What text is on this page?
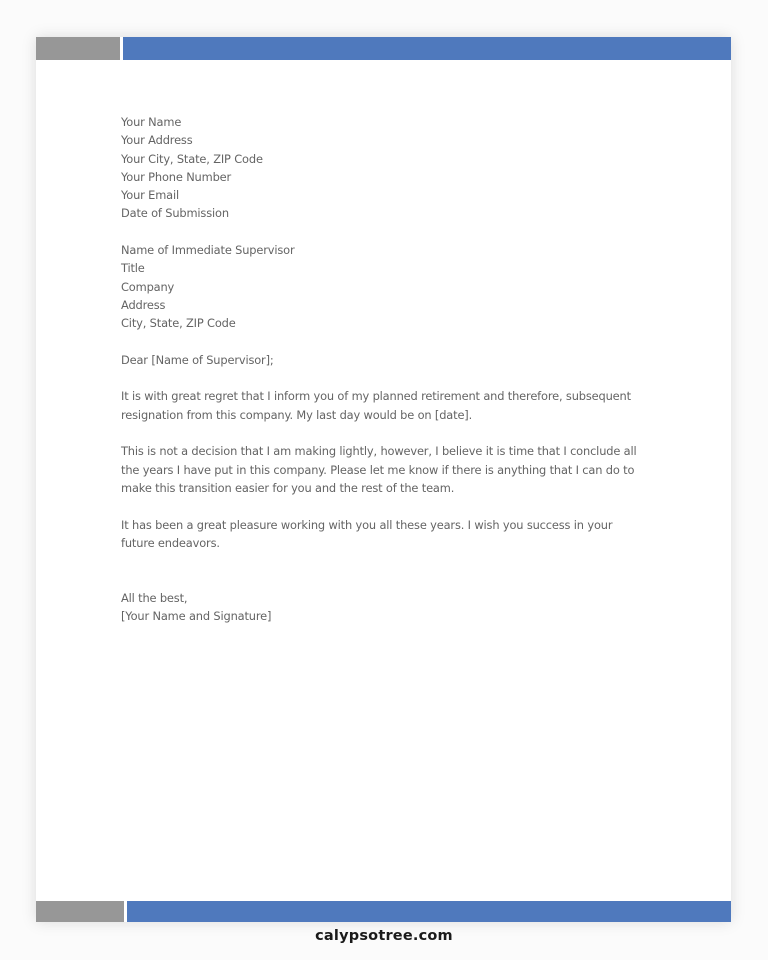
Your Name
Your Address
Your City, State, ZIP Code
Your Phone Number
Your Email
Date of Submission
Name of Immediate Supervisor
Title
Company
Address
City, State, ZIP Code
Dear [Name of Supervisor];

It is with great regret that I inform you of my planned retirement and therefore, subsequent resignation from this company. My last day would be on [date].

This is not a decision that I am making lightly, however, I believe it is time that I conclude all the years I have put in this company. Please let me know if there is anything that I can do to make this transition easier for you and the rest of the team.

It has been a great pleasure working with you all these years. I wish you success in your future endeavors.

All the best,
[Your Name and Signature]
calypsotree.com
